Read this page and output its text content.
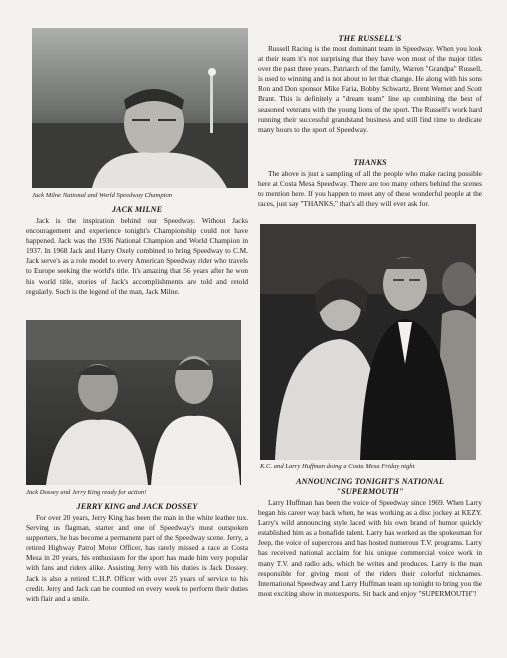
Jack Milne National and World Speedway Champion
JACK MILNE

Jack is the inspiration behind our Speedway. Without Jacks encouragement and experience tonight's Championship could not have happened. Jack was the 1936 National Champion and World Champion in 1937. In 1968 Jack and Harry Oxely combined to bring Speedway to C.M. Jack serve's as a role model to every American Speedway rider who travels to Europe seeking the world's title. It's amazing that 56 years after he won his world title, stories of Jack's accomplishments are told and retold regularly. Such is the legend of the man, Jack Milne.

Jack Dossey and Jerry King ready for action!
JERRY KING and JACK DOSSEY

For over 20 years, Jerry King has been the man in the white leather tux. Serving us flagman, starter and one of Speedway's most outspoken supporters, he has become a permanent part of the Speedway scene. Jerry, a retired Highway Patrol Motor Officer, has rarely missed a race at Costa Mesa in 20 years, his enthusiasm for the sport has made him very popular with fans and riders alike. Assisting Jerry with his duties is Jack Dossey. Jack is also a retired C.H.P. Officer with over 25 years of service to his credit. Jerry and Jack can be counted on every week to perform their duties with flair and a smile.

THE RUSSELL'S

Russell Racing is the most dominant team in Speedway. When you look at their team it's not surprising that they have won most of the major titles over the past three years. Patriarch of the family, Warren "Grandpa" Russell, is used to winning and is not about to let that change. He along with his sons Ron and Don sponsor Mike Faria, Bobby Schwartz, Brent Werner and Scott Brant. This is definitely a "dream team" line up combining the best of seasoned veterans with the young lions of the sport. The Russell's work hard running their successful grandstand business and still find time to dedicate many hours to the sport of Speedway.

THANKS

The above is just a sampling of all the people who make racing possible here at Costa Mesa Speedway. There are too many others behind the scenes to mention here. If you happen to meet any of these wonderful people at the races, just say "THANKS," that's all they will ever ask for.

K.C. and Larry Huffman doing a Costa Mesa Friday night
ANNOUNCING TONIGHT'S NATIONAL
"SUPERMOUTH"

Larry Huffman has been the voice of Speedway since 1969. When Larry began his career way back when, he was working as a disc jockey at KEZY. Larry's wild announcing style laced with his own brand of humor quickly established him as a bonafide talent. Larry has worked as the spokesman for Jeep, the voice of supercross and has hosted numerous T.V. programs. Larry has received national acclaim for his unique commercial voice work in many T.V. and radio ads, which he writes and produces. Larry is the man responsible for giving most of the riders their colorful nicknames. International Speedway and Larry Huffman team up tonight to bring you the most exciting show in motorsports. Sit back and enjoy "SUPERMOUTH"!
